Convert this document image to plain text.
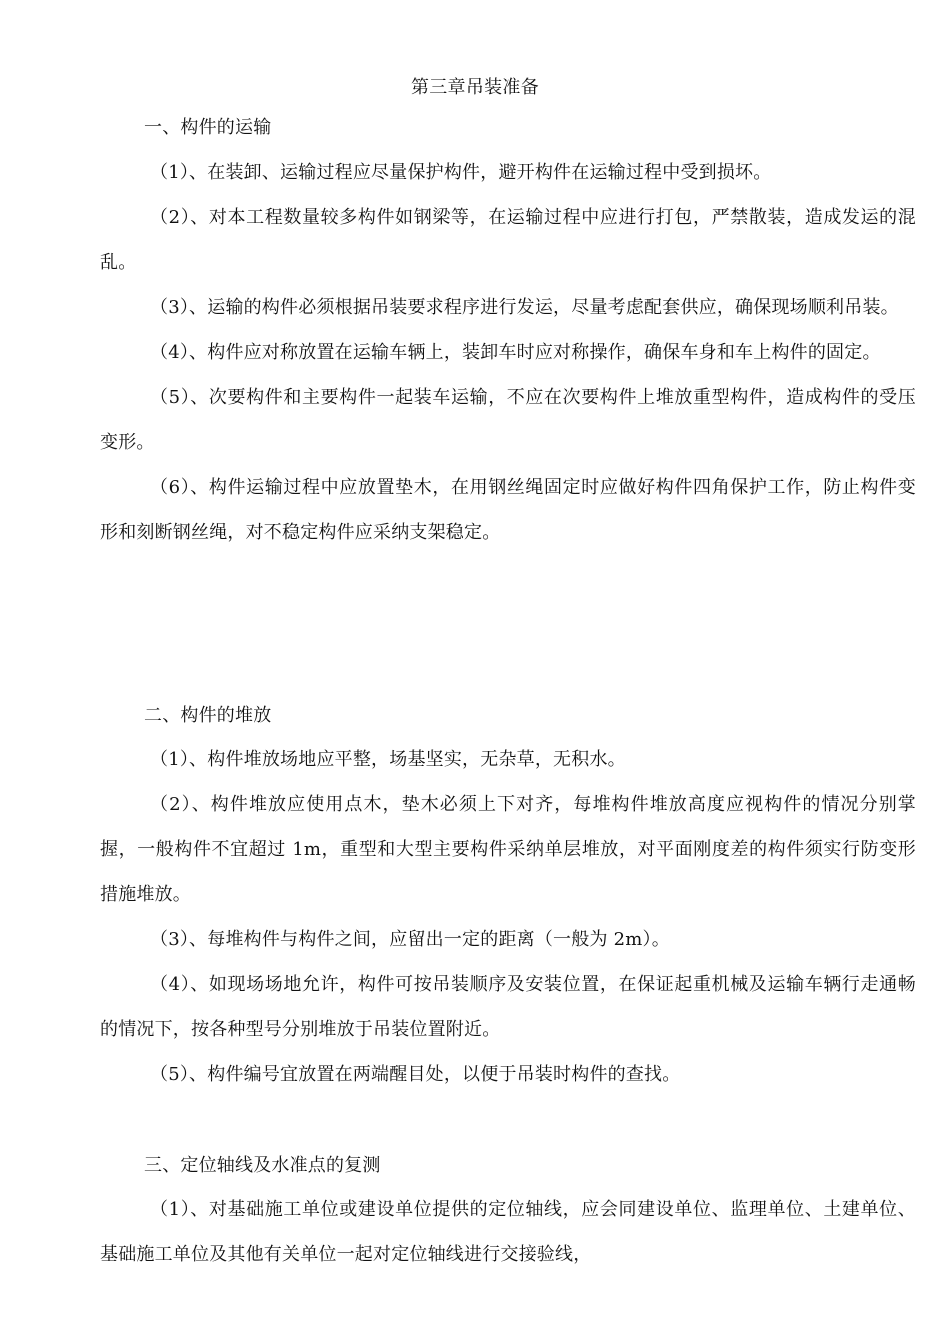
第三章吊装准备
一、构件的运输

（1）、在装卸、运输过程应尽量保护构件，避开构件在运输过程中受到损坏。

（2）、对本工程数量较多构件如钢梁等，在运输过程中应进行打包，严禁散装，造成发运的混乱。

（3）、运输的构件必须根据吊装要求程序进行发运，尽量考虑配套供应，确保现场顺利吊装。

（4）、构件应对称放置在运输车辆上，装卸车时应对称操作，确保车身和车上构件的固定。

（5）、次要构件和主要构件一起装车运输，不应在次要构件上堆放重型构件，造成构件的受压变形。

（6）、构件运输过程中应放置垫木，在用钢丝绳固定时应做好构件四角保护工作，防止构件变形和刻断钢丝绳，对不稳定构件应采纳支架稳定。

二、构件的堆放

（1）、构件堆放场地应平整，场基坚实，无杂草，无积水。

（2）、构件堆放应使用点木，垫木必须上下对齐，每堆构件堆放高度应视构件的情况分别掌握，一般构件不宜超过 1m，重型和大型主要构件采纳单层堆放，对平面刚度差的构件须实行防变形措施堆放。

（3）、每堆构件与构件之间，应留出一定的距离（一般为 2m）。

（4）、如现场场地允许，构件可按吊装顺序及安装位置，在保证起重机械及运输车辆行走通畅的情况下，按各种型号分别堆放于吊装位置附近。

（5）、构件编号宜放置在两端醒目处，以便于吊装时构件的查找。

三、定位轴线及水准点的复测

（1）、对基础施工单位或建设单位提供的定位轴线，应会同建设单位、监理单位、土建单位、基础施工单位及其他有关单位一起对定位轴线进行交接验线，
